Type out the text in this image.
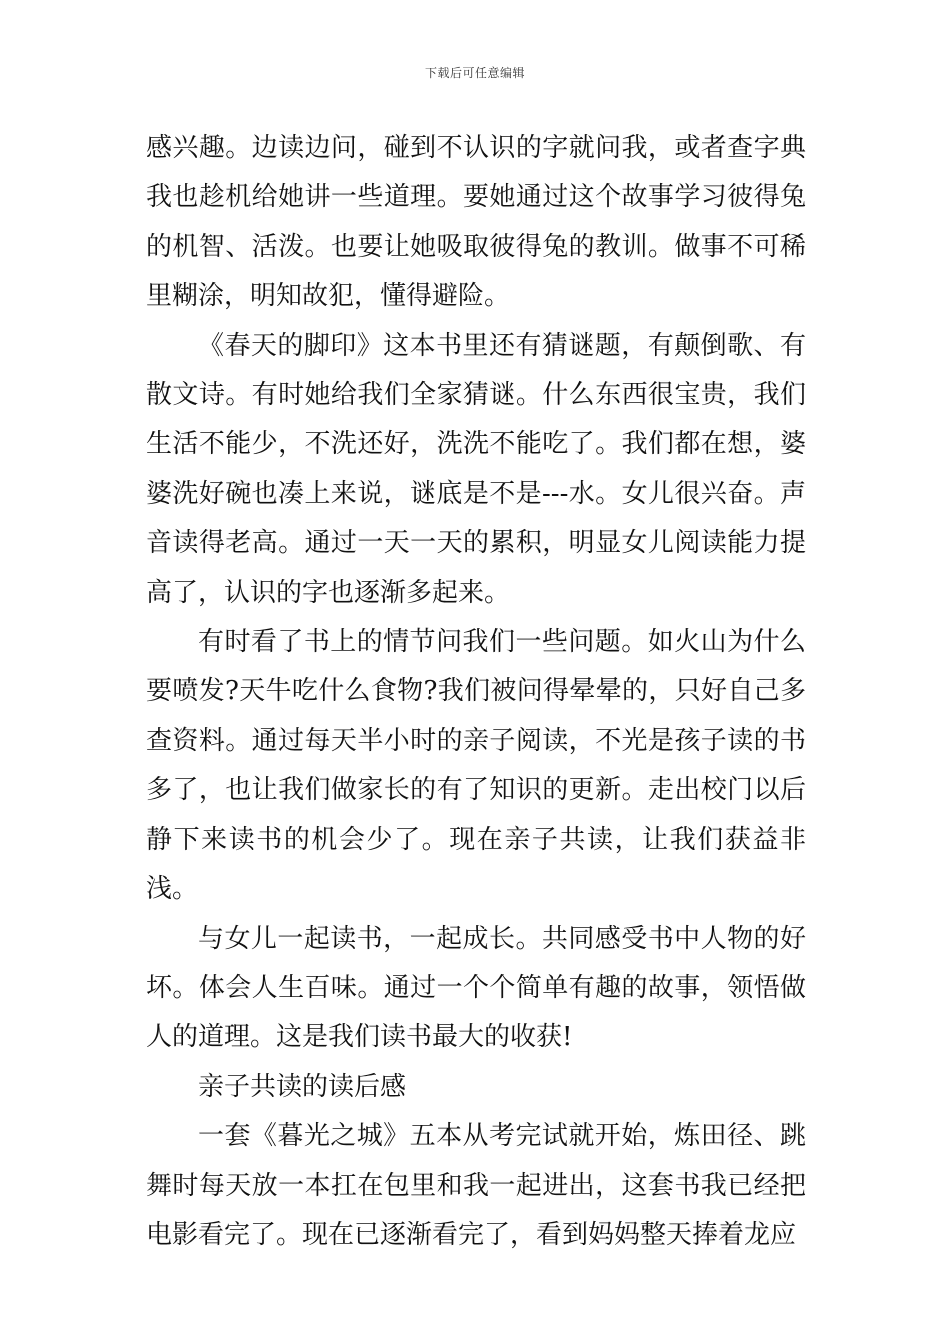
下载后可任意编辑

感兴趣。边读边问，碰到不认识的字就问我，或者查字典我也趁机给她讲一些道理。要她通过这个故事学习彼得兔的机智、活泼。也要让她吸取彼得兔的教训。做事不可稀里糊涂，明知故犯，懂得避险。

《春天的脚印》这本书里还有猜谜题，有颠倒歌、有散文诗。有时她给我们全家猜谜。什么东西很宝贵，我们生活不能少，不洗还好，洗洗不能吃了。我们都在想，婆婆洗好碗也凑上来说，谜底是不是---水。女儿很兴奋。声音读得老高。通过一天一天的累积，明显女儿阅读能力提高了，认识的字也逐渐多起来。

有时看了书上的情节问我们一些问题。如火山为什么要喷发?天牛吃什么食物?我们被问得晕晕的，只好自己多查资料。通过每天半小时的亲子阅读，不光是孩子读的书多了，也让我们做家长的有了知识的更新。走出校门以后静下来读书的机会少了。现在亲子共读，让我们获益非浅。

与女儿一起读书，一起成长。共同感受书中人物的好坏。体会人生百味。通过一个个简单有趣的故事，领悟做人的道理。这是我们读书最大的收获!

亲子共读的读后感

一套《暮光之城》五本从考完试就开始，炼田径、跳舞时每天放一本扛在包里和我一起进出，这套书我已经把电影看完了。现在已逐渐看完了，看到妈妈整天捧着龙应
